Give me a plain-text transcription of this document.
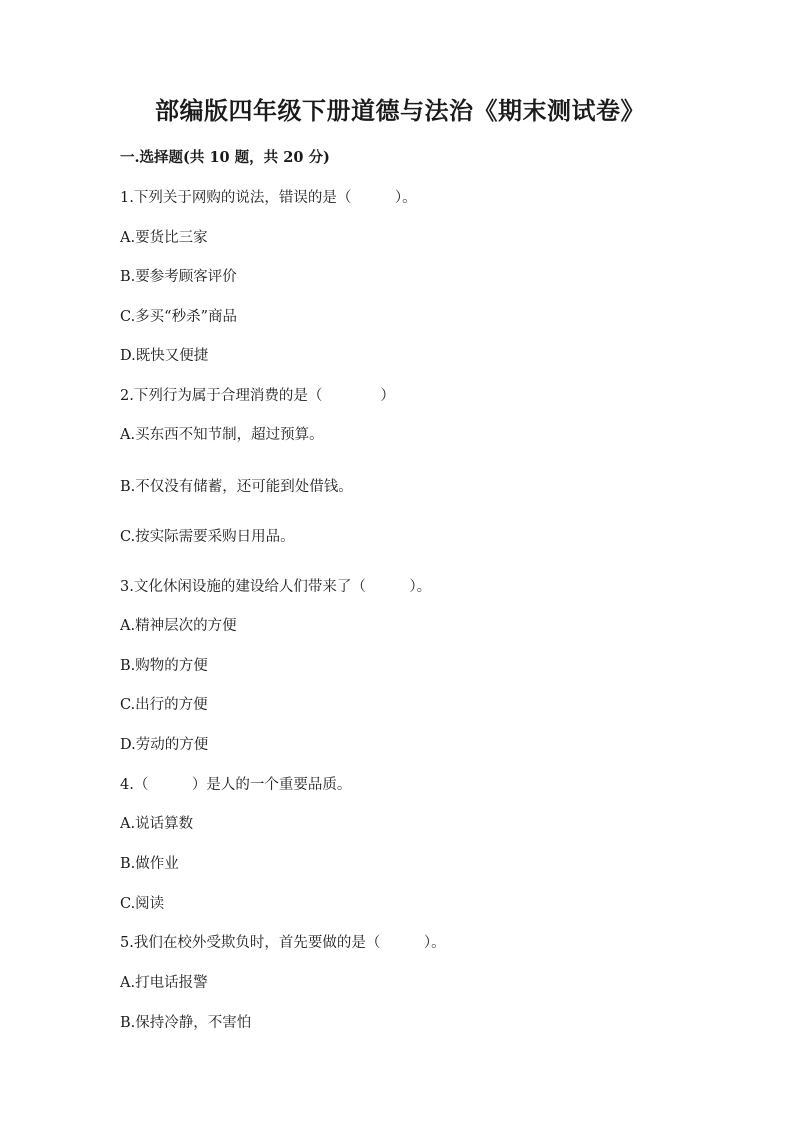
部编版四年级下册道德与法治《期末测试卷》
一.选择题(共 10 题，共 20 分)
1.下列关于网购的说法，错误的是（　　　）。
A.要货比三家
B.要参考顾客评价
C.多买“秒杀”商品
D.既快又便捷
2.下列行为属于合理消费的是（　　　　）
A.买东西不知节制，超过预算。
B.不仅没有储蓄，还可能到处借钱。
C.按实际需要采购日用品。
3.文化休闲设施的建设给人们带来了（　　　）。
A.精神层次的方便
B.购物的方便
C.出行的方便
D.劳动的方便
4.（　　　）是人的一个重要品质。
A.说话算数
B.做作业
C.阅读
5.我们在校外受欺负时，首先要做的是（　　　）。
A.打电话报警
B.保持冷静，不害怕
